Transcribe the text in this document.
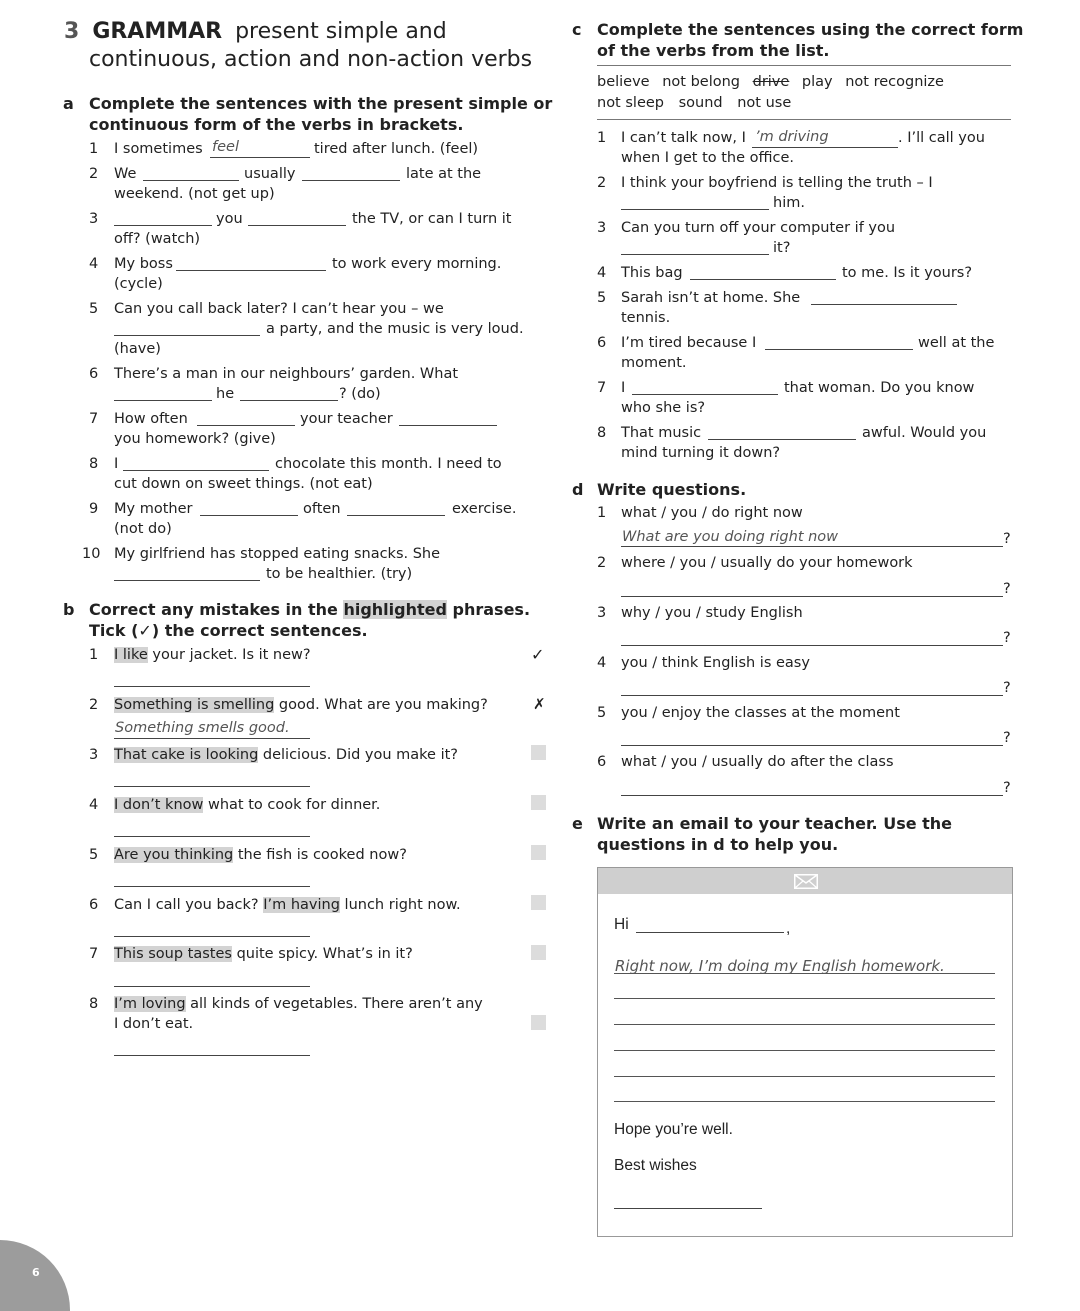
3 GRAMMAR present simple and
continuous, action and non-action verbs
a Complete the sentences with the present simple or
continuous form of the verbs in brackets.
1 I sometimes feel	tired after lunch. (feel)
2 We	usually	late at the
weekend. (not get up)
3	you	the TV, or can I turn it
off? (watch)
4 My boss	to work every morning.
(cycle)
5 Can you call back later? I can’t hear you – we
a party, and the music is very loud.
(have)
6 There’s a man in our neighbours’ garden. What
he	? (do)
7 How often	your teacher
you homework? (give)
8 I	chocolate this month. I need to
cut down on sweet things. (not eat)
9 My mother	often	exercise.
(not do)
10 My girlfriend has stopped eating snacks. She
to be healthier. (try)
b Correct any mistakes in the highlighted phrases.
Tick (✓) the correct sentences.
1 I like your jacket. Is it new?	✓
2 Something is smelling good. What are you making?	✗
Something smells good.
3 That cake is looking delicious. Did you make it?
4 I don’t know what to cook for dinner.
5 Are you thinking the fish is cooked now?
6 Can I call you back? I’m having lunch right now.
7 This soup tastes quite spicy. What’s in it?
8 I’m loving all kinds of vegetables. There aren’t any
I don’t eat.
c Complete the sentences using the correct form
of the verbs from the list.
believe not belong drive play not recognize
not sleep sound not use
1 I can’t talk now, I ’m driving	. I’ll call you
when I get to the office.
2 I think your boyfriend is telling the truth – I
him.
3 Can you turn off your computer if you
it?
4 This bag	to me. Is it yours?
5 Sarah isn’t at home. She
tennis.
6 I’m tired because I	well at the
moment.
7 I	that woman. Do you know
who she is?
8 That music	awful. Would you
mind turning it down?
d Write questions.
1 what / you / do right now
What are you doing right now	?
2 where / you / usually do your homework
?
3 why / you / study English
?
4 you / think English is easy
?
5 you / enjoy the classes at the moment
?
6 what / you / usually do after the class
?
e Write an email to your teacher. Use the
questions in d to help you.
Hi	,
Right now, I’m doing my English homework.
Hope you’re well.
Best wishes
6
